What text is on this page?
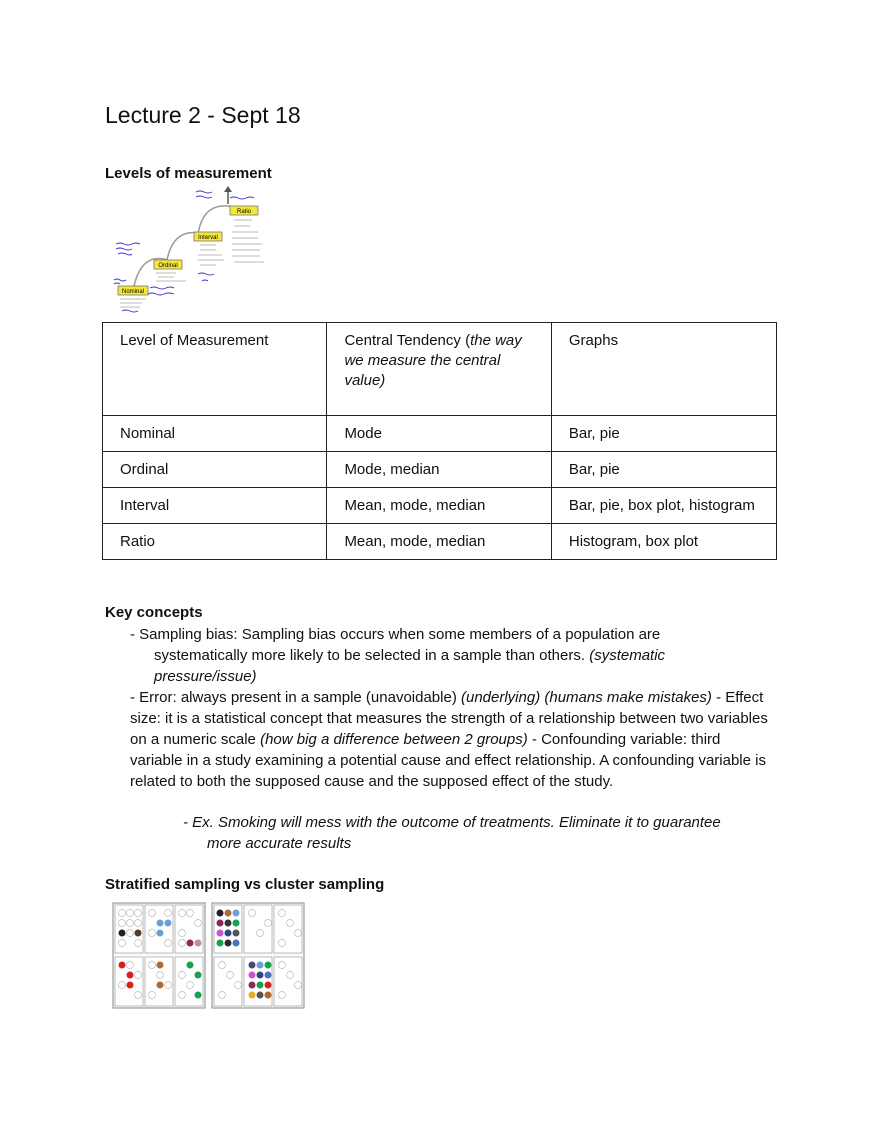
Lecture 2 - Sept 18
Levels of measurement
Nominal
Ordinal
Interval
Ratio
Level of Measurement	Central Tendency (the way we measure the central value)	Graphs
Nominal	Mode	Bar, pie
Ordinal	Mode, median	Bar, pie
Interval	Mean, mode, median	Bar, pie, box plot, histogram
Ratio	Mean, mode, median	Histogram, box plot
Key concepts
- Sampling bias: Sampling bias occurs when some members of a population are
systematically more likely to be selected in a sample than others. (systematic
pressure/issue)
- Error: always present in a sample (unavoidable) (underlying) (humans make mistakes) - Effect size: it is a statistical concept that measures the strength of a relationship between two variables on a numeric scale (how big a difference between 2 groups) - Confounding variable: third variable in a study examining a potential cause and effect relationship. A confounding variable is related to both the supposed cause and the supposed effect of the study.
- Ex. Smoking will mess with the outcome of treatments. Eliminate it to guarantee
more accurate results
Stratified sampling vs cluster sampling
